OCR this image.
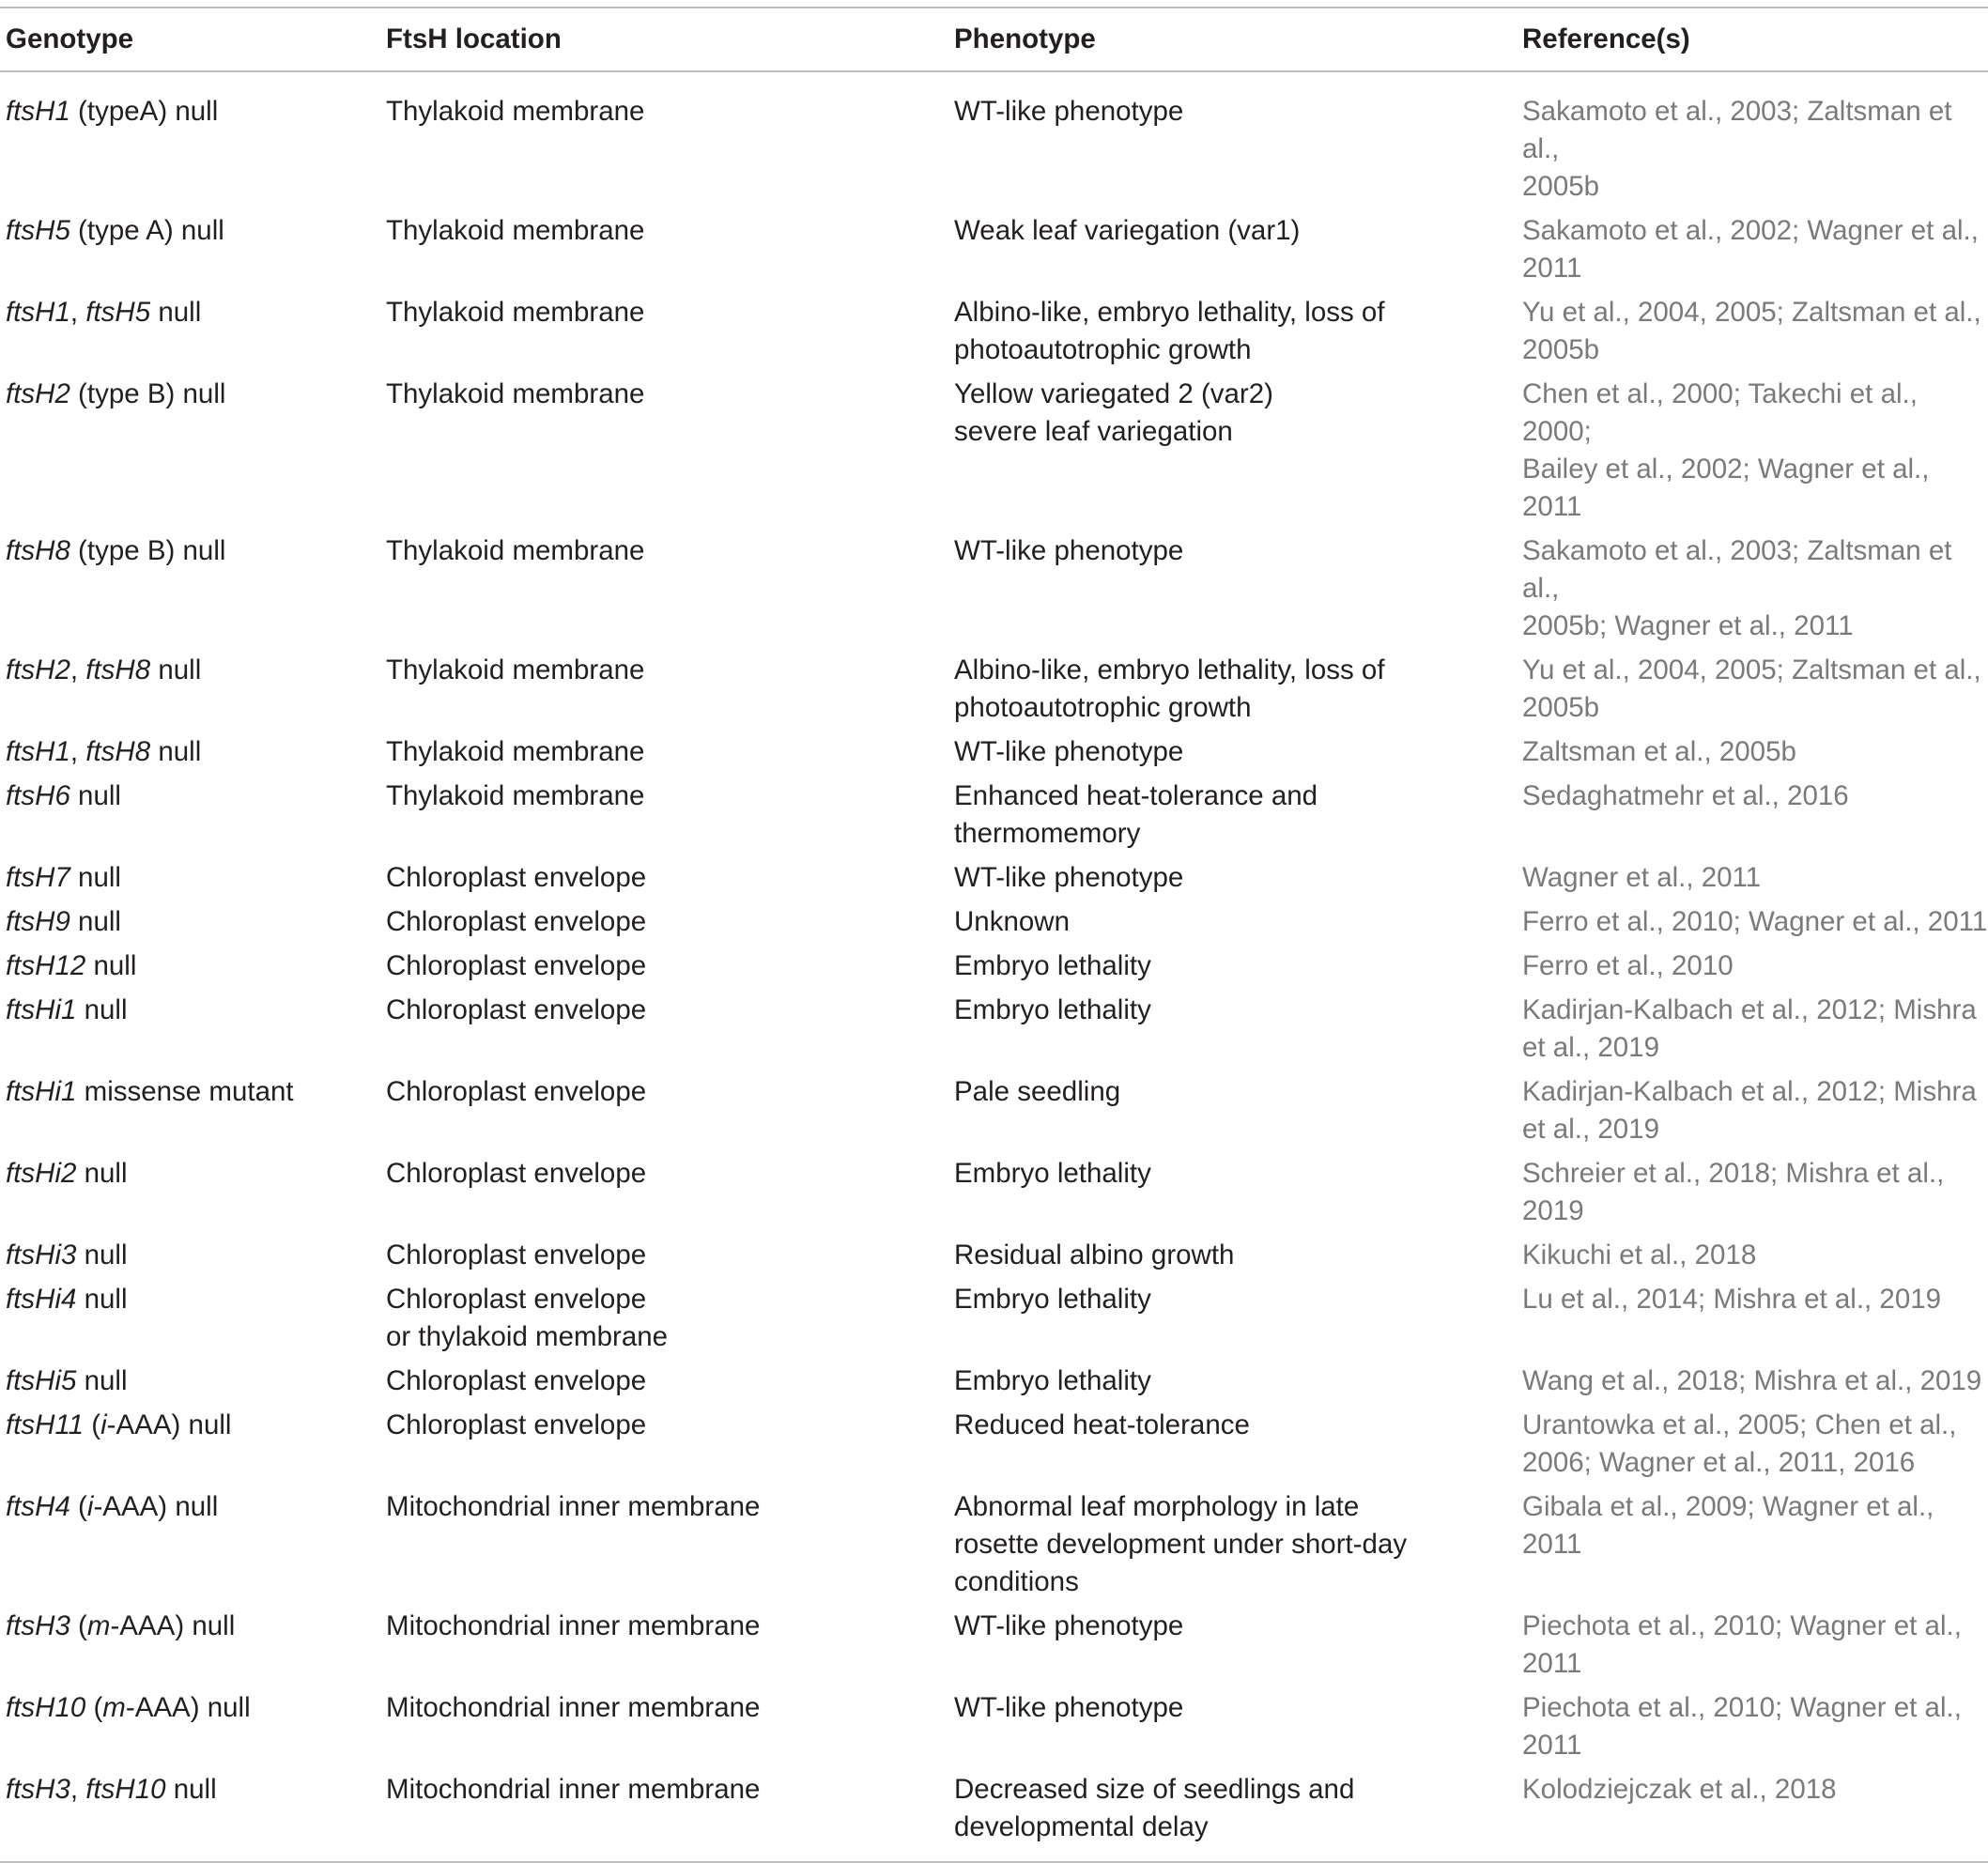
Genotype	FtsH location	Phenotype	Reference(s)
ftsH1 (typeA) null	Thylakoid membrane	WT-like phenotype	Sakamoto et al., 2003; Zaltsman et al.,
2005b

ftsH5 (type A) null	Thylakoid membrane	Weak leaf variegation (var1)	Sakamoto et al., 2002; Wagner et al.,
2011

ftsH1, ftsH5 null	Thylakoid membrane	Albino-like, embryo lethality, loss of
photoautotrophic growth	Yu et al., 2004, 2005; Zaltsman et al.,
2005b

ftsH2 (type B) null	Thylakoid membrane	Yellow variegated 2 (var2)
severe leaf variegation	Chen et al., 2000; Takechi et al., 2000;
Bailey et al., 2002; Wagner et al., 2011

ftsH8 (type B) null	Thylakoid membrane	WT-like phenotype	Sakamoto et al., 2003; Zaltsman et al.,
2005b; Wagner et al., 2011

ftsH2, ftsH8 null	Thylakoid membrane	Albino-like, embryo lethality, loss of
photoautotrophic growth	Yu et al., 2004, 2005; Zaltsman et al.,
2005b

ftsH1, ftsH8 null	Thylakoid membrane	WT-like phenotype	Zaltsman et al., 2005b

ftsH6 null	Thylakoid membrane	Enhanced heat-tolerance and
thermomemory	Sedaghatmehr et al., 2016

ftsH7 null	Chloroplast envelope	WT-like phenotype	Wagner et al., 2011

ftsH9 null	Chloroplast envelope	Unknown	Ferro et al., 2010; Wagner et al., 2011

ftsH12 null	Chloroplast envelope	Embryo lethality	Ferro et al., 2010

ftsHi1 null	Chloroplast envelope	Embryo lethality	Kadirjan-Kalbach et al., 2012; Mishra
et al., 2019

ftsHi1 missense mutant	Chloroplast envelope	Pale seedling	Kadirjan-Kalbach et al., 2012; Mishra
et al., 2019

ftsHi2 null	Chloroplast envelope	Embryo lethality	Schreier et al., 2018; Mishra et al., 2019

ftsHi3 null	Chloroplast envelope	Residual albino growth	Kikuchi et al., 2018

ftsHi4 null	Chloroplast envelope
or thylakoid membrane	Embryo lethality	Lu et al., 2014; Mishra et al., 2019

ftsHi5 null	Chloroplast envelope	Embryo lethality	Wang et al., 2018; Mishra et al., 2019

ftsH11 (i-AAA) null	Chloroplast envelope	Reduced heat-tolerance	Urantowka et al., 2005; Chen et al.,
2006; Wagner et al., 2011, 2016

ftsH4 (i-AAA) null	Mitochondrial inner membrane	Abnormal leaf morphology in late
rosette development under short-day
conditions	Gibala et al., 2009; Wagner et al., 2011

ftsH3 (m-AAA) null	Mitochondrial inner membrane	WT-like phenotype	Piechota et al., 2010; Wagner et al.,
2011

ftsH10 (m-AAA) null	Mitochondrial inner membrane	WT-like phenotype	Piechota et al., 2010; Wagner et al.,
2011

ftsH3, ftsH10 null	Mitochondrial inner membrane	Decreased size of seedlings and
developmental delay	Kolodziejczak et al., 2018
